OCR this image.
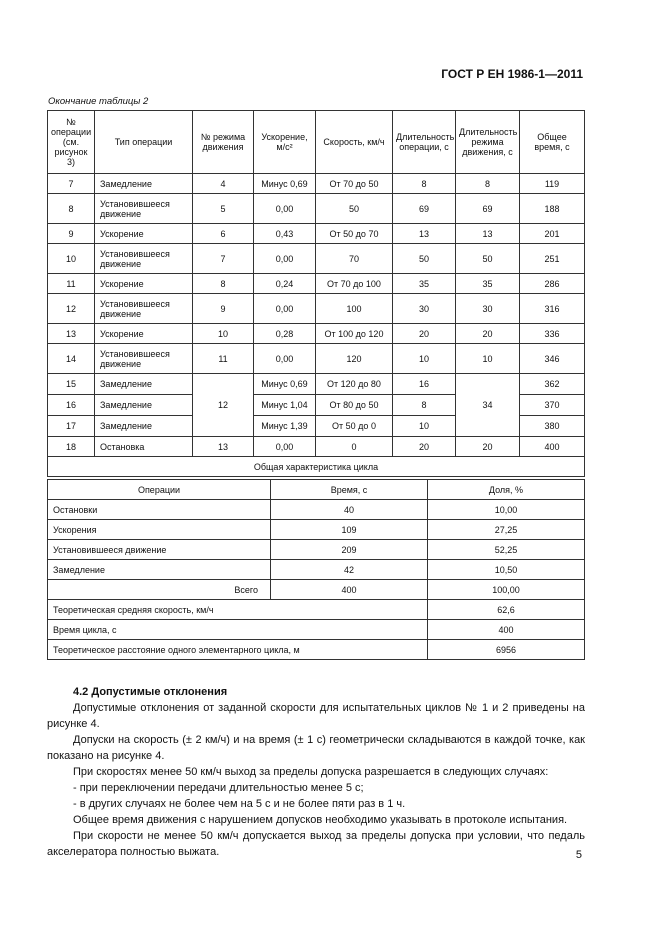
ГОСТ Р ЕН 1986-1—2011
Окончание таблицы 2
№ операции (см. рисунок 3)	Тип операции	№ режима движения	Ускорение, м/с²	Скорость, км/ч	Длительность операции, с	Длительность режима движения, с	Общее время, с
7	Замедление	4	Минус 0,69	От 70 до 50	8	8	119
8	Установившееся движение	5	0,00	50	69	69	188
9	Ускорение	6	0,43	От 50 до 70	13	13	201
10	Установившееся движение	7	0,00	70	50	50	251
11	Ускорение	8	0,24	От 70 до 100	35	35	286
12	Установившееся движение	9	0,00	100	30	30	316
13	Ускорение	10	0,28	От 100 до 120	20	20	336
14	Установившееся движение	11	0,00	120	10	10	346
15	Замедление	12	Минус 0,69	От 120 до 80	16	34	362
16	Замедление		Минус 1,04	От 80 до 50	8		370
17	Замедление		Минус 1,39	От 50 до 0	10		380
18	Остановка	13	0,00	0	20	20	400
Общая характеристика цикла							
Операции	Время, с	Доля, %
Остановки	40	10,00
Ускорения	109	27,25
Установившееся движение	209	52,25
Замедление	42	10,50
Всего	400	100,00
Теоретическая средняя скорость, км/ч		62,6
Время цикла, с		400
Теоретическое расстояние одного элементарного цикла, м		6956
4.2 Допустимые отклонения

Допустимые отклонения от заданной скорости для испытательных циклов № 1 и 2 приведены на рисунке 4.

Допуски на скорость (± 2 км/ч) и на время (± 1 с) геометрически складываются в каждой точке, как показано на рисунке 4.

При скоростях менее 50 км/ч выход за пределы допуска разрешается в следующих случаях:

- при переключении передачи длительностью менее 5 с;

- в других случаях не более чем на 5 с и не более пяти раз в 1 ч.

Общее время движения с нарушением допусков необходимо указывать в протоколе испытания.

При скорости не менее 50 км/ч допускается выход за пределы допуска при условии, что педаль акселератора полностью выжата.	5
